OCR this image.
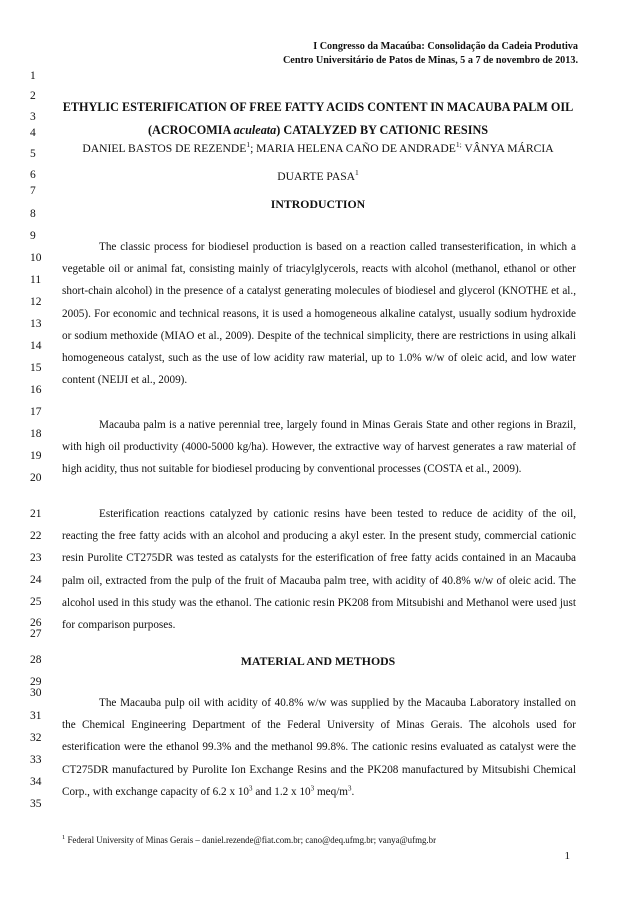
I Congresso da Macaúba: Consolidação da Cadeia Produtiva
Centro Universitário de Patos de Minas, 5 a 7 de novembro de 2013.
1
2
3
4
5
6
7
8
9
10
11
12
13
14
15
16
17
18
19
20
21
22
23
24
25
26
27
28
29
30
31
32
33
34
35
ETHYLIC ESTERIFICATION OF FREE FATTY ACIDS CONTENT IN MACAUBA PALM OIL (ACROCOMIA aculeata) CATALYZED BY CATIONIC RESINS
DANIEL BASTOS DE REZENDE$^1$; MARIA HELENA CAÑO DE $ANDRADE^{1;}$ VÂNYA MÁRCIA DUARTE PASA$^1$
INTRODUCTION
The classic process for biodiesel production is based on a reaction called transesterification, in which a vegetable oil or animal fat, consisting mainly of triacylglycerols, reacts with alcohol (methanol, ethanol or other short-chain alcohol) in the presence of a catalyst generating molecules of biodiesel and glycerol (KNOTHE et al., 2005). For economic and technical reasons, it is used a homogeneous alkaline catalyst, usually sodium hydroxide or sodium methoxide (MIAO et al., 2009). Despite of the technical simplicity, there are restrictions in using alkali homogeneous catalyst, such as the use of low acidity raw material, up to 1.0% w/w of oleic acid, and low water content (NEIJI et al., 2009).
Macauba palm is a native perennial tree, largely found in Minas Gerais State and other regions in Brazil, with high oil productivity (4000-5000 kg/ha). However, the extractive way of harvest generates a raw material of high acidity, thus not suitable for biodiesel producing by conventional processes (COSTA et al., 2009).
Esterification reactions catalyzed by cationic resins have been tested to reduce de acidity of the oil, reacting the free fatty acids with an alcohol and producing a akyl ester. In the present study, commercial cationic resin Purolite CT275DR was tested as catalysts for the esterification of free fatty acids contained in an Macauba palm oil, extracted from the pulp of the fruit of Macauba palm tree, with acidity of 40.8% w/w of oleic acid. The alcohol used in this study was the ethanol. The cationic resin PK208 from Mitsubishi and Methanol were used just for comparison purposes.
MATERIAL AND METHODS
The Macauba pulp oil with acidity of 40.8% w/w was supplied by the Macauba Laboratory installed on the Chemical Engineering Department of the Federal University of Minas Gerais. The alcohols used for esterification were the ethanol 99.3% and the methanol 99.8%. The cationic resins evaluated as catalyst were the CT275DR manufactured by Purolite Ion Exchange Resins and the PK208 manufactured by Mitsubishi Chemical Corp., with exchange capacity of 6.2 x $10^3$ and 1.2 x $10^3$ meq/$m^3$.
$^1$ Federal University of Minas Gerais – daniel.rezende@fiat.com.br; cano@deq.ufmg.br; vanya@ufmg.br
1
